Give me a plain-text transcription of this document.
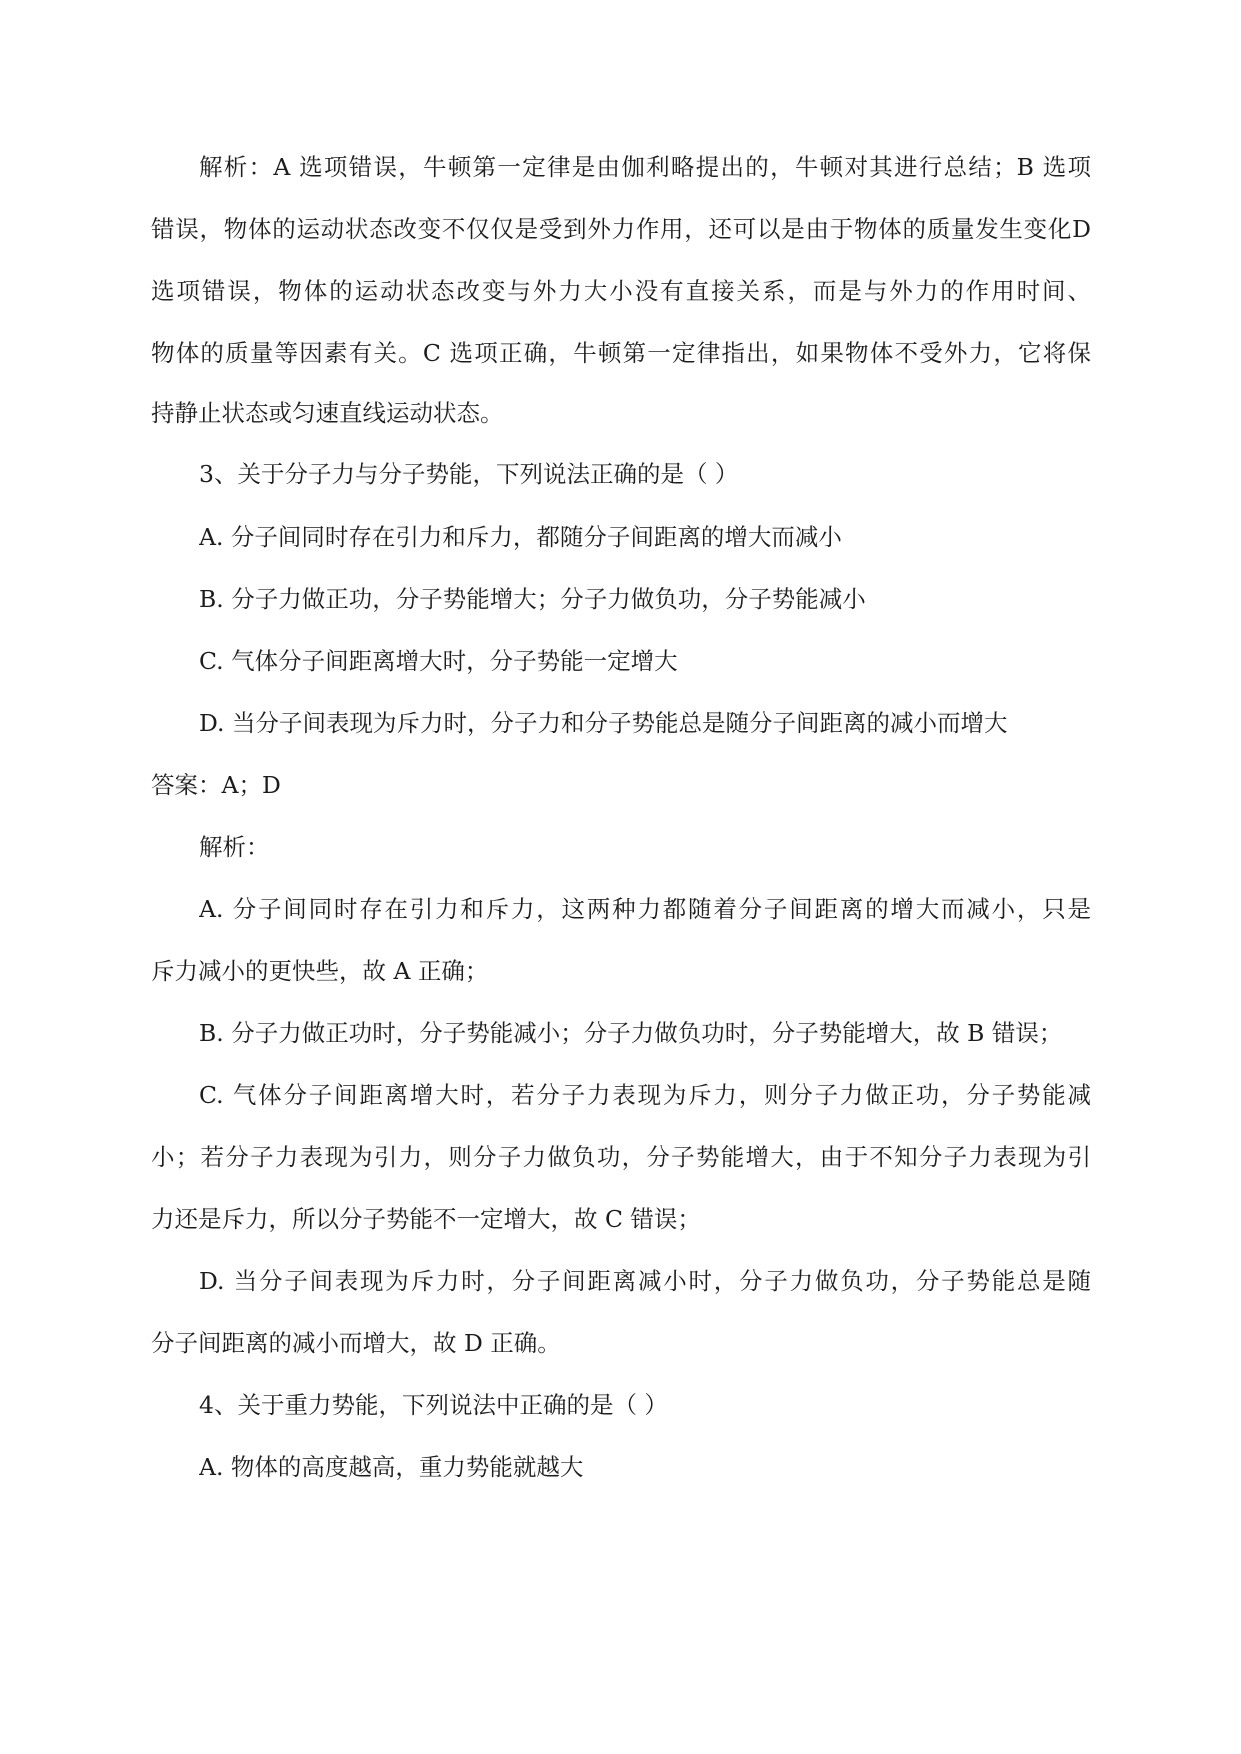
解析：A 选项错误，牛顿第一定律是由伽利略提出的，牛顿对其进行总结；B 选项
错误，物体的运动状态改变不仅仅是受到外力作用，还可以是由于物体的质量发生变化D
选项错误，物体的运动状态改变与外力大小没有直接关系，而是与外力的作用时间、
物体的质量等因素有关。C 选项正确，牛顿第一定律指出，如果物体不受外力，它将保
持静止状态或匀速直线运动状态。
3、关于分子力与分子势能，下列说法正确的是（ ）
A. 分子间同时存在引力和斥力，都随分子间距离的增大而减小
B. 分子力做正功，分子势能增大；分子力做负功，分子势能减小
C. 气体分子间距离增大时，分子势能一定增大
D. 当分子间表现为斥力时，分子力和分子势能总是随分子间距离的减小而增大
答案：A；D
解析：
A. 分子间同时存在引力和斥力，这两种力都随着分子间距离的增大而减小，只是
斥力减小的更快些，故 A 正确；
B. 分子力做正功时，分子势能减小；分子力做负功时，分子势能增大，故 B 错误；
C. 气体分子间距离增大时，若分子力表现为斥力，则分子力做正功，分子势能减
小；若分子力表现为引力，则分子力做负功，分子势能增大，由于不知分子力表现为引
力还是斥力，所以分子势能不一定增大，故 C 错误；
D. 当分子间表现为斥力时，分子间距离减小时，分子力做负功，分子势能总是随
分子间距离的减小而增大，故 D 正确。
4、关于重力势能，下列说法中正确的是（ ）
A. 物体的高度越高，重力势能就越大
